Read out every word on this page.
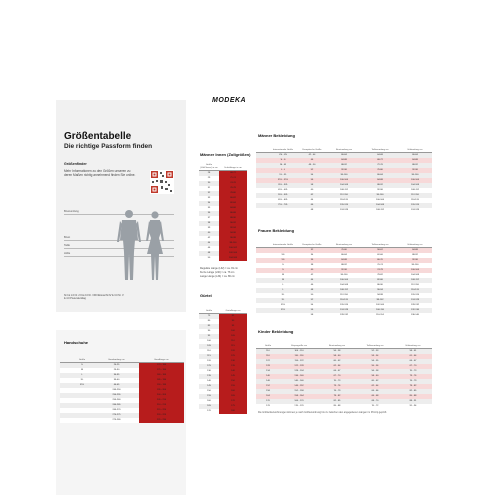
MODEKA
Größentabelle
Die richtige Passform finden
Größenfinder
Mehr Informationen zu den Größen unseren zu deren Maßen richtig annehmend finden Sie online.
Brustumfang
Brust
Taille
Hüfte
Nr.Ⅰ & 1.0 Nr. 2 Ⅱ & 2.0 Nr. 3 Ⅲ Fiktional Nr.Ⅳ & 3.0 Nr. Ⅴ & 4.0 Pretendentitag
Handschuhe
	Größe	Handumfang cm	Handlänge cm
	S	20-25	170 - 180
	M	25-30	175 - 180
	L	30-35	180 - 185
	XL	35-40	185 - 190
	XXL	40-45	190 - 195
		245-250	195 - 200
		250-255	200 - 205
		255-260	205 - 210
		260-265	210 - 215
		265-270	215 - 220
		270-275	220 - 225
		275-280	225 - 230
Männer Innen (Zollgrößen)
Größe (Zoll/Jeans) in cm	Schrittlänge in cm
28	68-72
29	71-74
30	74-76
31	76-78
32	78-80
33	80-82
34	82-84
35	84-86
36	86-88
37	88-90
38	90-92
39	92-94
40	94-96
42	96-98
44	98-100
46	100-102
48	102-104
50	104-106
Reguläre Länge (L32) = ca. 81 cm
Kurze Länge (L30) = ca. 76 cm
Lange Länge (L34) = ca. 86 cm
Gürtel
Größe	Gürtellänge cm
75	85
80	90
85	95
90	100
95	105
100	110
105	115
110	120
115	125
120	130
125	135
130	140
135	145
140	150
145	155
150	160
155	165
160	170
165	175
170	180
Männer Bekleidung
	Internationale Größe	Europäische Größe	Brustumfang cm	Taillenumfang cm	Hüftumfang cm
	XS - XS	42 - 44	80-84	64-68	80-84
	S - S	46	84-88	68-72	84-88
	M - M	48 - 50	88-92	72-76	88-92
	L - L	52	92-96	76-80	92-96
	XL - XL	54	96-100	80-84	96-100
	XXL - XXL	56	100-104	84-88	100-104
	3XL - 3XL	58	104-108	88-92	104-108
	4XL - 4XL	60	108-112	92-96	108-112
	5XL - 5XL	62	112-116	96-100	112-116
	6XL - 6XL	64	116-120	100-104	116-120
	7XL - 7XL	66	120-124	104-108	120-124
		68	124-128	108-112	124-128
Frauen Bekleidung
	Internationale Größe	Europäische Größe	Brustumfang cm	Taillenumfang cm	Hüftumfang cm
		32	76-80	58-62	84-88
	XS	34	80-84	62-66	88-92
	XS	36	84-88	66-70	92-96
	S	38	88-92	70-74	96-100
	S	40	92-96	74-78	100-104
	M	42	96-100	78-82	104-108
	M	44	100-104	82-86	108-112
	L	46	104-108	86-90	112-116
	L	48	108-112	90-94	116-120
	XL	50	112-116	94-98	120-124
	XL	52	116-120	98-102	124-128
	XXL	54	120-124	102-106	128-132
	XXL	56	124-128	106-110	132-136
		58	128-132	110-114	136-140
Kinder Bekleidung
Größe	Körpergröße cm	Brustumfang cm	Taillenumfang cm	Hüftumfang cm
110	104 - 110	56 - 58	52 - 53	58 - 61
116	110 - 116	58 - 60	53 - 54	61 - 64
122	116 - 122	60 - 62	54 - 55	64 - 67
128	122 - 128	62 - 64	55 - 56	67 - 70
134	128 - 134	64 - 67	56 - 58	70 - 73
140	134 - 140	67 - 70	58 - 60	73 - 76
146	140 - 146	70 - 73	60 - 62	76 - 79
152	146 - 152	73 - 76	62 - 64	79 - 82
158	152 - 158	76 - 79	64 - 66	82 - 85
164	158 - 164	79 - 82	66 - 68	85 - 88
170	164 - 170	82 - 85	68 - 70	88 - 91
176	170 - 176	85 - 88	70 - 72	91 - 94
Die Größenbezeichnungen können je nach Größenordnung bis zu zwischen den angegebenen Längen im Prinzip geprüft.
